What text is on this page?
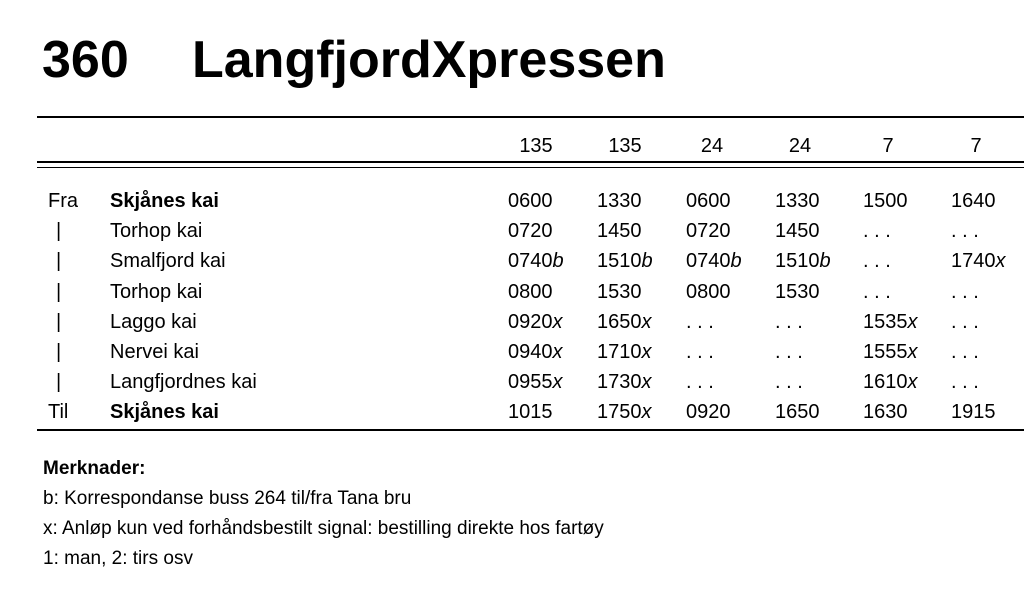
360 LangfjordXpressen
135	135	24	24	7	7
Fra Skjånes kai	0600 1330 0600 1330 1500 1640
| Torhop kai	0720 1450 0720 1450 . . .	. . .
| Smalfjord kai	0740b 1510b 0740b 1510b . . .	1740x
| Torhop kai	0800 1530 0800 1530 . . .	. . .
| Laggo kai	0920x 1650x . . .	. . .	1535x . . .
| Nervei kai	0940x 1710x . . .	. . .	1555x . . .
| Langfjordnes kai	0955x 1730x . . .	. . .	1610x . . .
Til Skjånes kai	1015 1750x 0920 1650 1630 1915
Merknader:
b: Korrespondanse buss 264 til/fra Tana bru
x: Anløp kun ved forhåndsbestilt signal: bestilling direkte hos fartøy
1: man, 2: tirs osv
